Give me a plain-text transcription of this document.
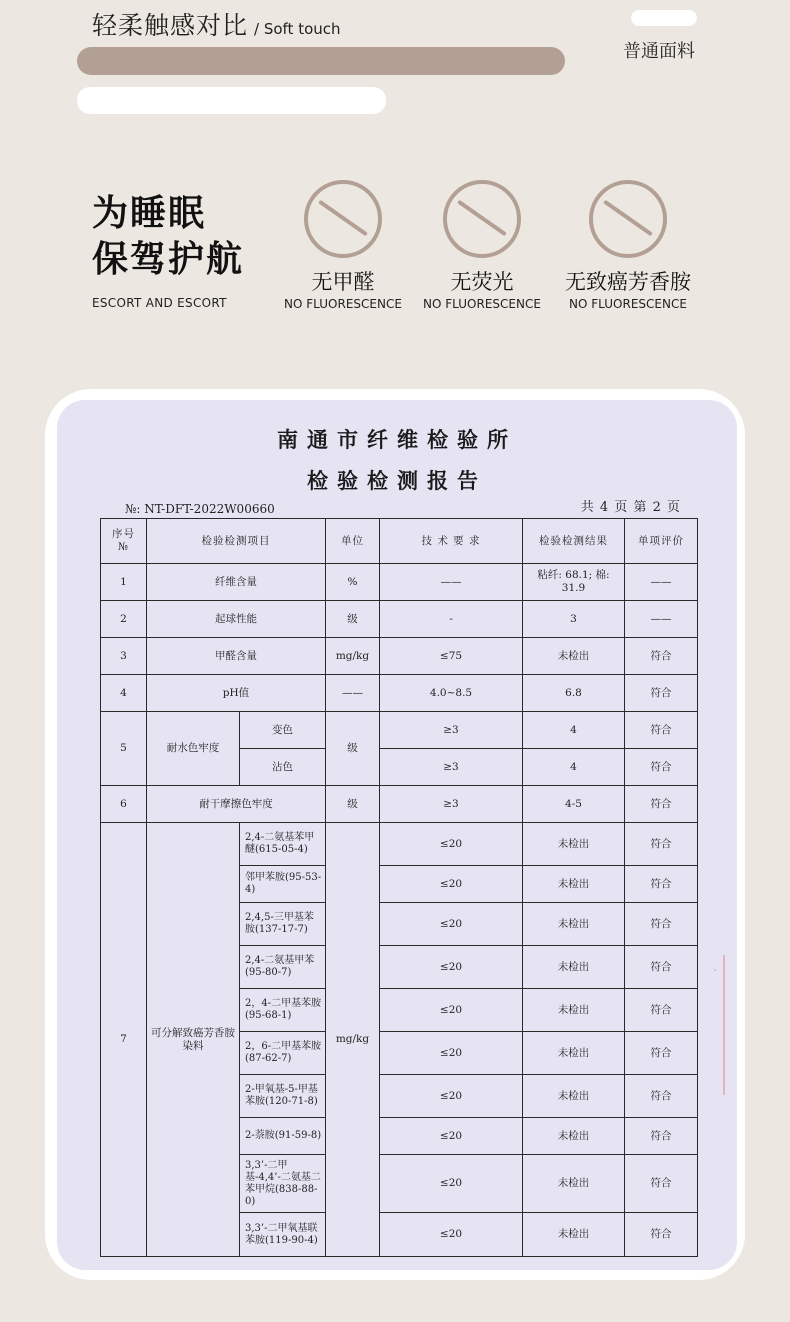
轻柔触感对比 / Soft touch
普通面料
为睡眠
保驾护航
ESCORT AND ESCORT
无甲醛
NO FLUORESCENCE
无荧光
NO FLUORESCENCE
无致癌芳香胺
NO FLUORESCENCE
南通市纤维检验所
检验检测报告
№: NT-DFT-2022W00660	共 4 页 第 2 页
序号
№	检验检测项目		单位	技 术 要 求	检验检测结果	单项评价
1	纤维含量		%	——	粘纤: 68.1; 棉: 31.9	——
2	起球性能		级	-	3	——
3	甲醛含量		mg/kg	≤75	未检出	符合
4	pH值		——	4.0~8.5	6.8	符合
5	耐水色牢度	变色	级	≥3	4	符合
		沾色		≥3	4	符合
6	耐干摩擦色牢度		级	≥3	4-5	符合
7	可分解致癌芳香胺染料	2,4-二氨基苯甲醚(615-05-4)	mg/kg	≤20	未检出	符合
		邻甲苯胺(95-53-4)		≤20	未检出	符合
		2,4,5-三甲基苯胺(137-17-7)		≤20	未检出	符合
		2,4-二氨基甲苯(95-80-7)		≤20	未检出	符合
		2，4-二甲基苯胺(95-68-1)		≤20	未检出	符合
		2，6-二甲基苯胺(87-62-7)		≤20	未检出	符合
		2-甲氧基-5-甲基苯胺(120-71-8)		≤20	未检出	符合
		2-萘胺(91-59-8)		≤20	未检出	符合
		3,3’-二甲基-4,4’-二氨基二苯甲烷(838-88-0)		≤20	未检出	符合
		3,3’-二甲氧基联苯胺(119-90-4)		≤20	未检出	符合
·
